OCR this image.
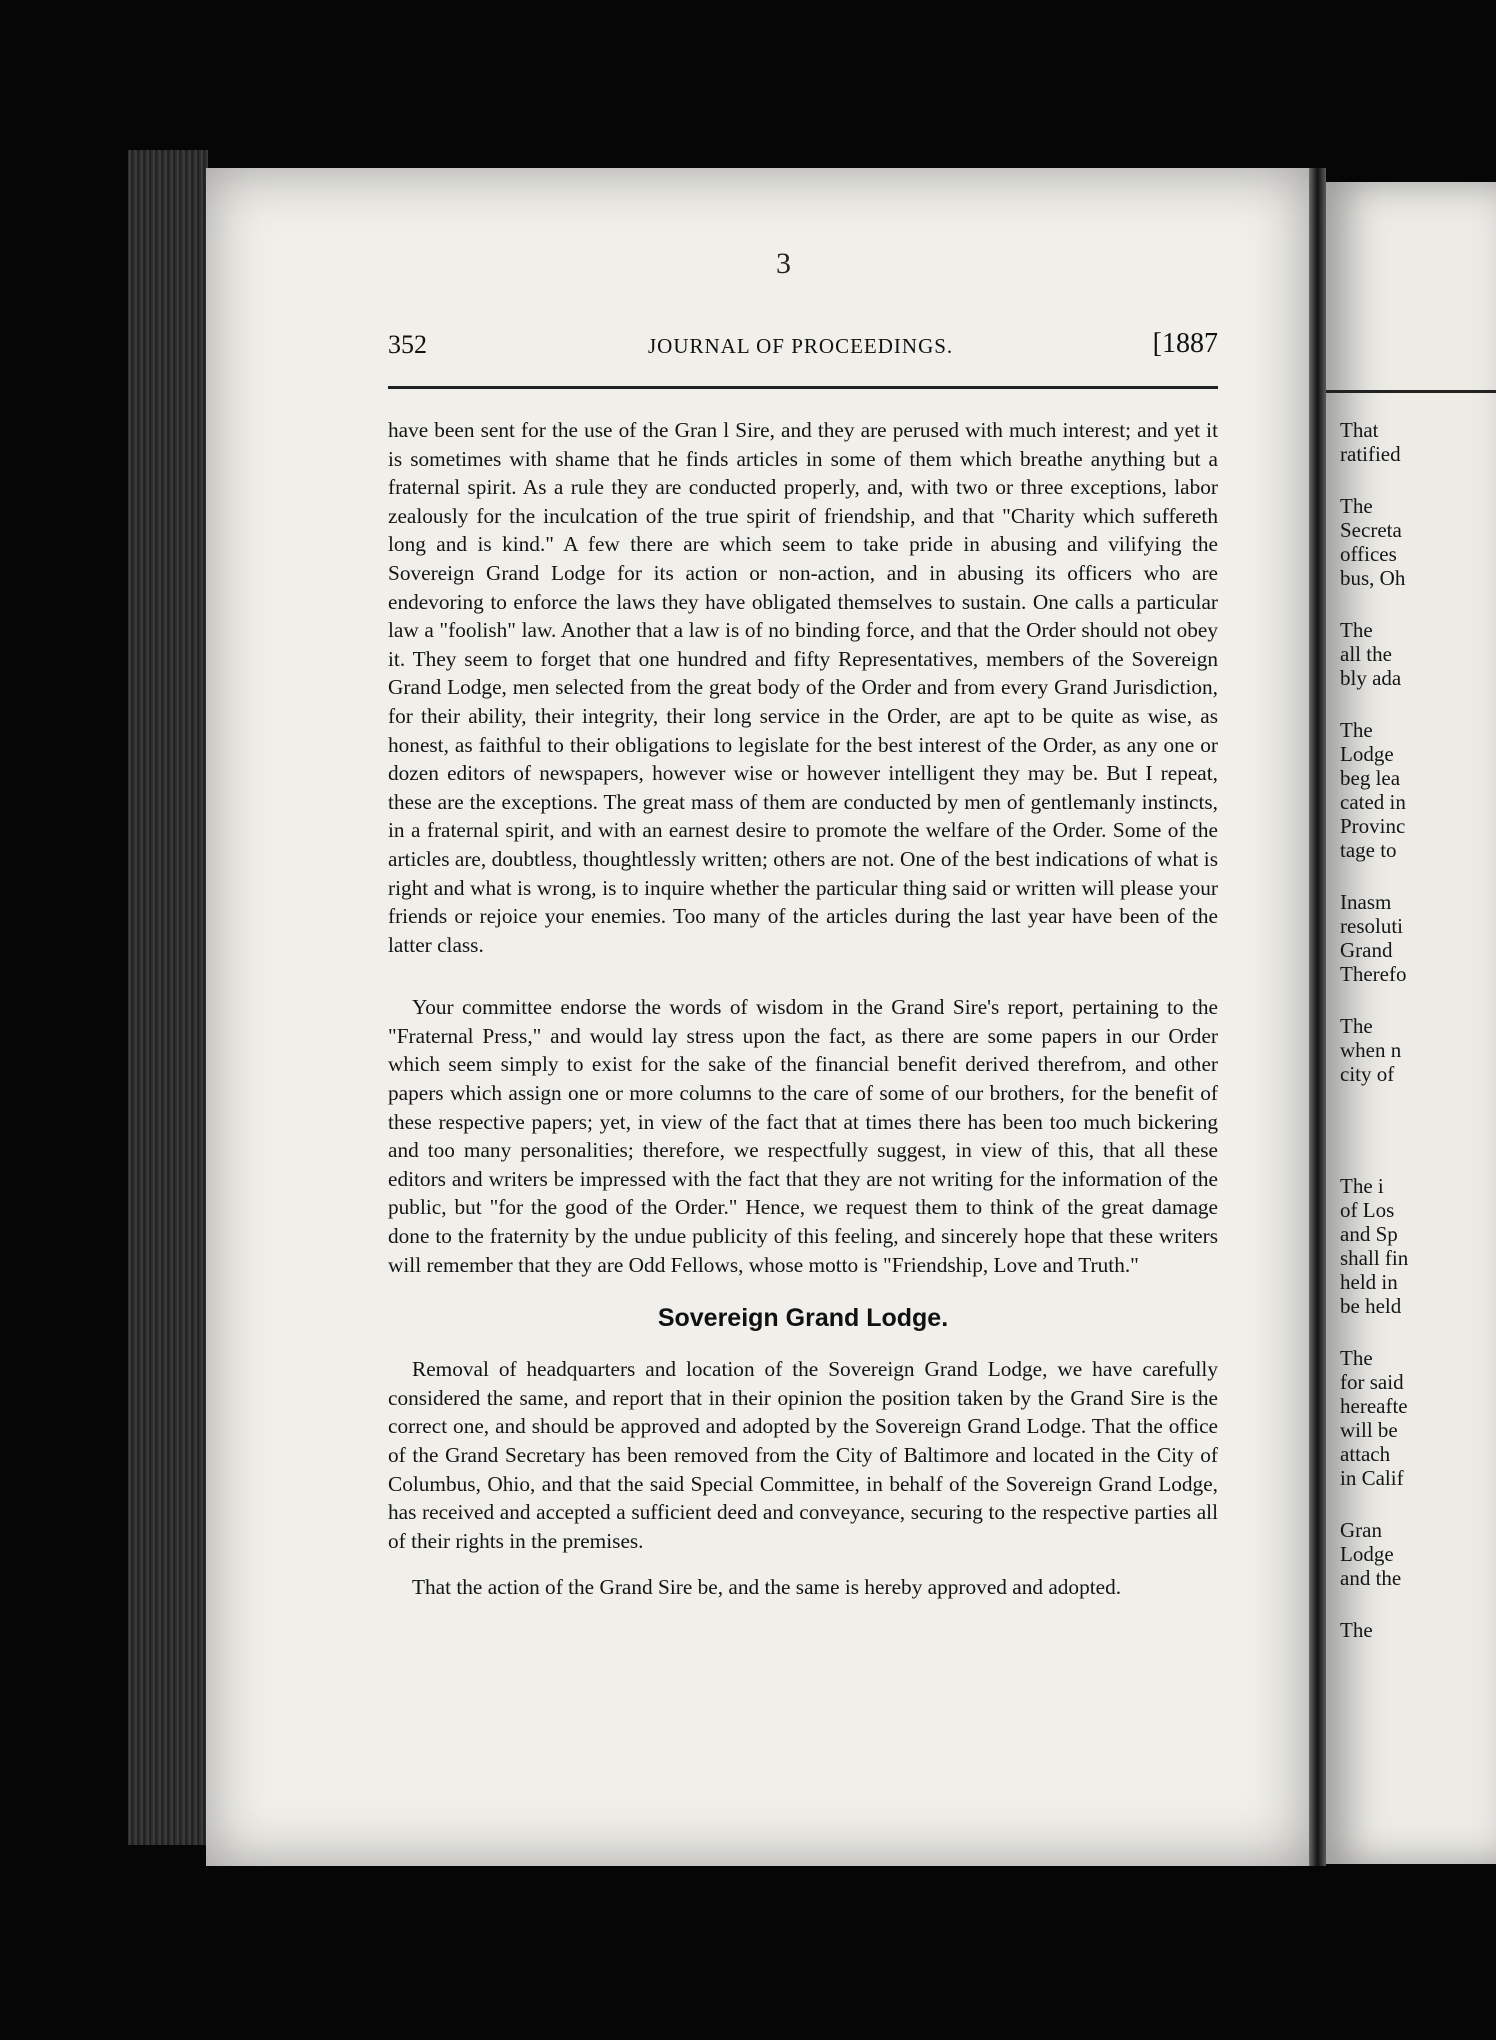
That
ratified
The
Secreta
offices
bus, Oh
The
all the
bly ada
The
Lodge
beg lea
cated in
Provinc
tage to
Inasm
resoluti
Grand
Therefo
The
when n
city of
The i
of Los
and Sp
shall fin
held in
be held
The
for said
hereafte
will be
attach
in Calif
Gran
Lodge
and the
The
3
352	JOURNAL OF PROCEEDINGS.	[1887

have been sent for the use of the Gran l Sire, and they are perused with much interest; and yet it is sometimes with shame that he finds articles in some of them which breathe anything but a fraternal spirit. As a rule they are conducted properly, and, with two or three exceptions, labor zealously for the inculcation of the true spirit of friendship, and that "Charity which suffereth long and is kind." A few there are which seem to take pride in abusing and vilifying the Sovereign Grand Lodge for its action or non-action, and in abusing its officers who are endevoring to enforce the laws they have obligated themselves to sustain. One calls a particular law a "foolish" law. Another that a law is of no binding force, and that the Order should not obey it. They seem to forget that one hundred and fifty Representatives, members of the Sovereign Grand Lodge, men selected from the great body of the Order and from every Grand Jurisdiction, for their ability, their integrity, their long service in the Order, are apt to be quite as wise, as honest, as faithful to their obligations to legislate for the best interest of the Order, as any one or dozen editors of newspapers, however wise or however intelligent they may be. But I repeat, these are the exceptions. The great mass of them are conducted by men of gentlemanly instincts, in a fraternal spirit, and with an earnest desire to promote the welfare of the Order. Some of the articles are, doubtless, thoughtlessly written; others are not. One of the best indications of what is right and what is wrong, is to inquire whether the particular thing said or written will please your friends or rejoice your enemies. Too many of the articles during the last year have been of the latter class.

Your committee endorse the words of wisdom in the Grand Sire's report, pertaining to the "Fraternal Press," and would lay stress upon the fact, as there are some papers in our Order which seem simply to exist for the sake of the financial benefit derived therefrom, and other papers which assign one or more columns to the care of some of our brothers, for the benefit of these respective papers; yet, in view of the fact that at times there has been too much bickering and too many personalities; therefore, we respectfully suggest, in view of this, that all these editors and writers be impressed with the fact that they are not writing for the information of the public, but "for the good of the Order." Hence, we request them to think of the great damage done to the fraternity by the undue publicity of this feeling, and sincerely hope that these writers will remember that they are Odd Fellows, whose motto is "Friendship, Love and Truth."

Sovereign Grand Lodge.

Removal of headquarters and location of the Sovereign Grand Lodge, we have carefully considered the same, and report that in their opinion the position taken by the Grand Sire is the correct one, and should be approved and adopted by the Sovereign Grand Lodge. That the office of the Grand Secretary has been removed from the City of Baltimore and located in the City of Columbus, Ohio, and that the said Special Committee, in behalf of the Sovereign Grand Lodge, has received and accepted a sufficient deed and conveyance, securing to the respective parties all of their rights in the premises.

That the action of the Grand Sire be, and the same is hereby approved and adopted.
